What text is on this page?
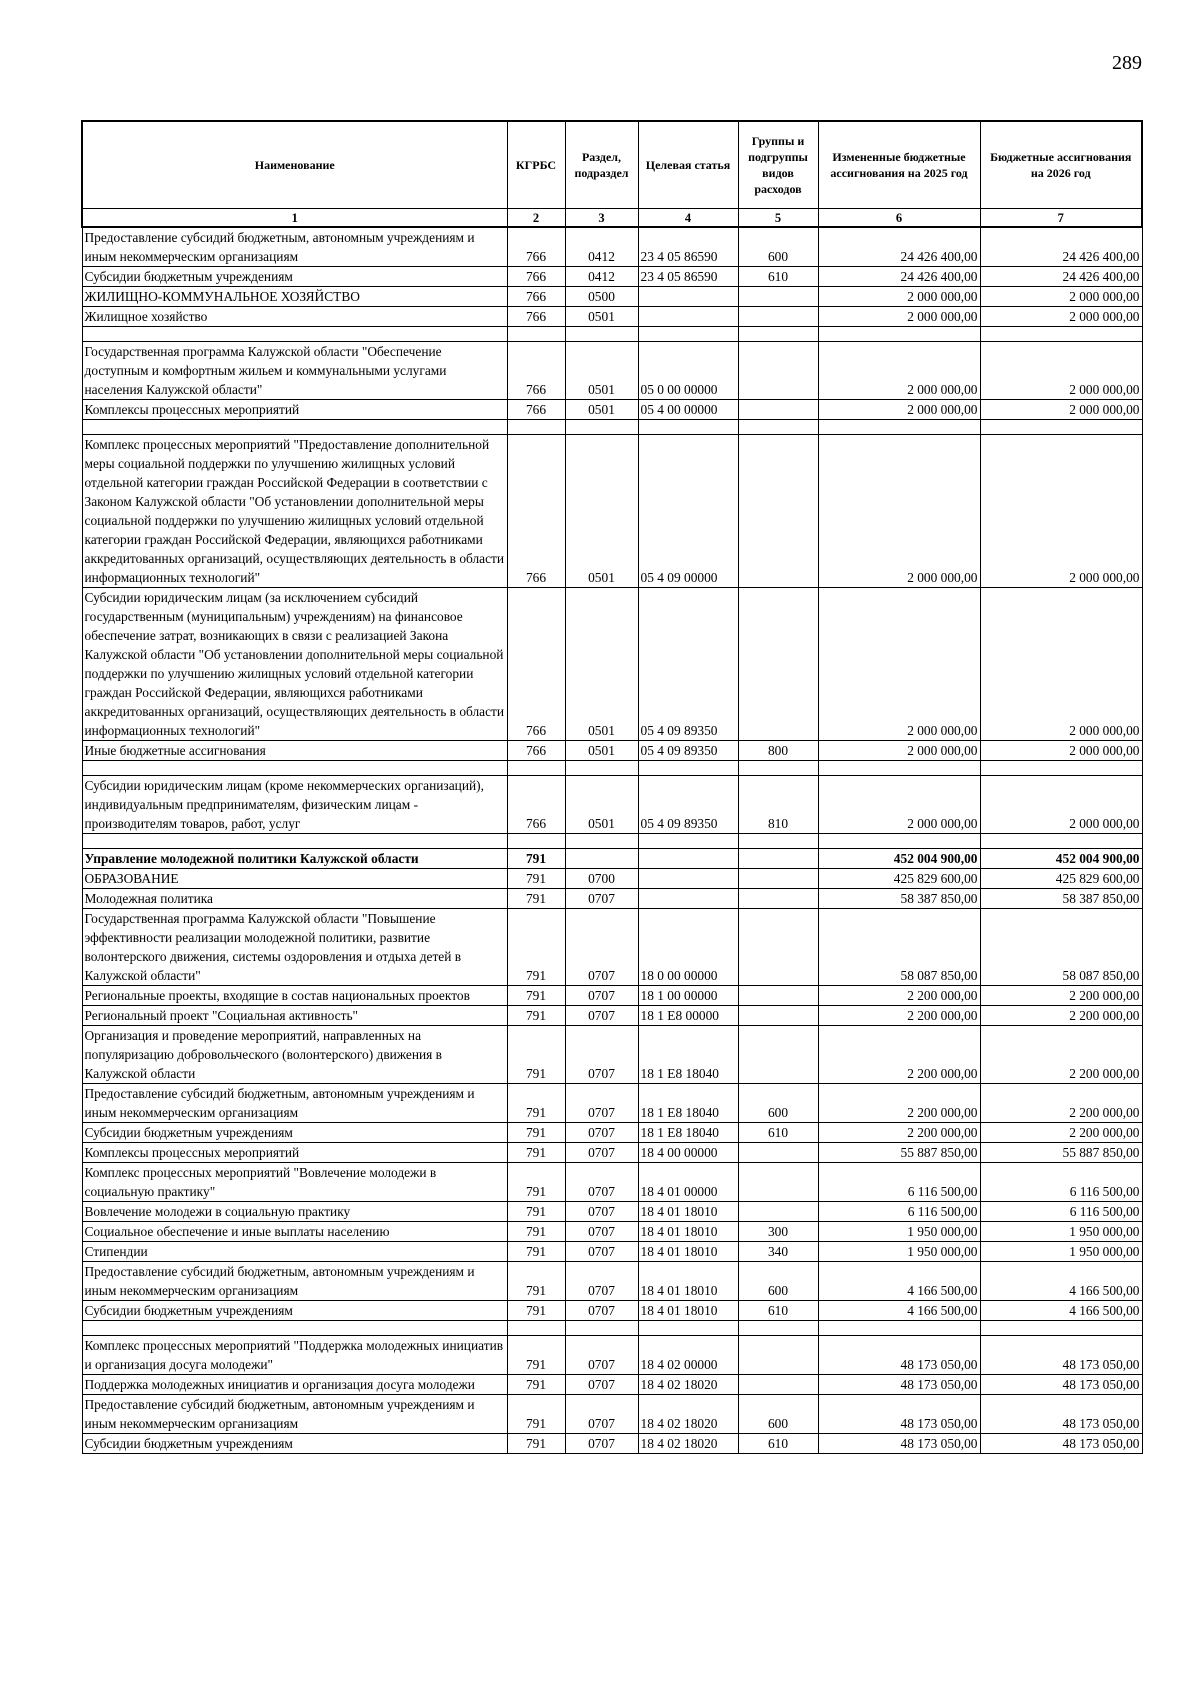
289
Наименование	КГРБС	Раздел, подраздел	Целевая статья	Группы и подгруппы видов расходов	Измененные бюджетные ассигнования на 2025 год	Бюджетные ассигнования на 2026 год
1	2	3	4	5	6	7
Предоставление субсидий бюджетным, автономным учреждениям и иным некоммерческим организациям	766	0412	23 4 05 86590	600	24 426 400,00	24 426 400,00
Субсидии бюджетным учреждениям	766	0412	23 4 05 86590	610	24 426 400,00	24 426 400,00
ЖИЛИЩНО-КОММУНАЛЬНОЕ ХОЗЯЙСТВО	766	0500			2 000 000,00	2 000 000,00
Жилищное хозяйство	766	0501			2 000 000,00	2 000 000,00

Государственная программа Калужской области "Обеспечение доступным и комфортным жильем и коммунальными услугами населения Калужской области"	766	0501	05 0 00 00000		2 000 000,00	2 000 000,00
Комплексы процессных мероприятий	766	0501	05 4 00 00000		2 000 000,00	2 000 000,00

Комплекс процессных мероприятий "Предоставление дополнительной меры социальной поддержки по улучшению жилищных условий отдельной категории граждан Российской Федерации в соответствии с Законом Калужской области "Об установлении дополнительной меры социальной поддержки по улучшению жилищных условий отдельной категории граждан Российской Федерации, являющихся работниками аккредитованных организаций, осуществляющих деятельность в области информационных технологий"	766	0501	05 4 09 00000		2 000 000,00	2 000 000,00
Субсидии юридическим лицам (за исключением субсидий государственным (муниципальным) учреждениям) на финансовое обеспечение затрат, возникающих в связи с реализацией Закона Калужской области "Об установлении дополнительной меры социальной поддержки по улучшению жилищных условий отдельной категории граждан Российской Федерации, являющихся работниками аккредитованных организаций, осуществляющих деятельность в области информационных технологий"	766	0501	05 4 09 89350		2 000 000,00	2 000 000,00
Иные бюджетные ассигнования	766	0501	05 4 09 89350	800	2 000 000,00	2 000 000,00

Субсидии юридическим лицам (кроме некоммерческих организаций), индивидуальным предпринимателям, физическим лицам - производителям товаров, работ, услуг	766	0501	05 4 09 89350	810	2 000 000,00	2 000 000,00

Управление молодежной политики Калужской области	791				452 004 900,00	452 004 900,00
ОБРАЗОВАНИЕ	791	0700			425 829 600,00	425 829 600,00
Молодежная политика	791	0707			58 387 850,00	58 387 850,00
Государственная программа Калужской области "Повышение эффективности реализации молодежной политики, развитие волонтерского движения, системы оздоровления и отдыха детей в Калужской области"	791	0707	18 0 00 00000		58 087 850,00	58 087 850,00
Региональные проекты, входящие в состав национальных проектов	791	0707	18 1 00 00000		2 200 000,00	2 200 000,00
Региональный проект "Социальная активность"	791	0707	18 1 E8 00000		2 200 000,00	2 200 000,00
Организация и проведение мероприятий, направленных на популяризацию добровольческого (волонтерского) движения в Калужской области	791	0707	18 1 E8 18040		2 200 000,00	2 200 000,00
Предоставление субсидий бюджетным, автономным учреждениям и иным некоммерческим организациям	791	0707	18 1 E8 18040	600	2 200 000,00	2 200 000,00
Субсидии бюджетным учреждениям	791	0707	18 1 E8 18040	610	2 200 000,00	2 200 000,00
Комплексы процессных мероприятий	791	0707	18 4 00 00000		55 887 850,00	55 887 850,00
Комплекс процессных мероприятий "Вовлечение молодежи в социальную практику"	791	0707	18 4 01 00000		6 116 500,00	6 116 500,00
Вовлечение молодежи в социальную практику	791	0707	18 4 01 18010		6 116 500,00	6 116 500,00
Социальное обеспечение и иные выплаты населению	791	0707	18 4 01 18010	300	1 950 000,00	1 950 000,00
Стипендии	791	0707	18 4 01 18010	340	1 950 000,00	1 950 000,00
Предоставление субсидий бюджетным, автономным учреждениям и иным некоммерческим организациям	791	0707	18 4 01 18010	600	4 166 500,00	4 166 500,00
Субсидии бюджетным учреждениям	791	0707	18 4 01 18010	610	4 166 500,00	4 166 500,00

Комплекс процессных мероприятий "Поддержка молодежных инициатив и организация досуга молодежи"	791	0707	18 4 02 00000		48 173 050,00	48 173 050,00
Поддержка молодежных инициатив и организация досуга молодежи	791	0707	18 4 02 18020		48 173 050,00	48 173 050,00
Предоставление субсидий бюджетным, автономным учреждениям и иным некоммерческим организациям	791	0707	18 4 02 18020	600	48 173 050,00	48 173 050,00
Субсидии бюджетным учреждениям	791	0707	18 4 02 18020	610	48 173 050,00	48 173 050,00
